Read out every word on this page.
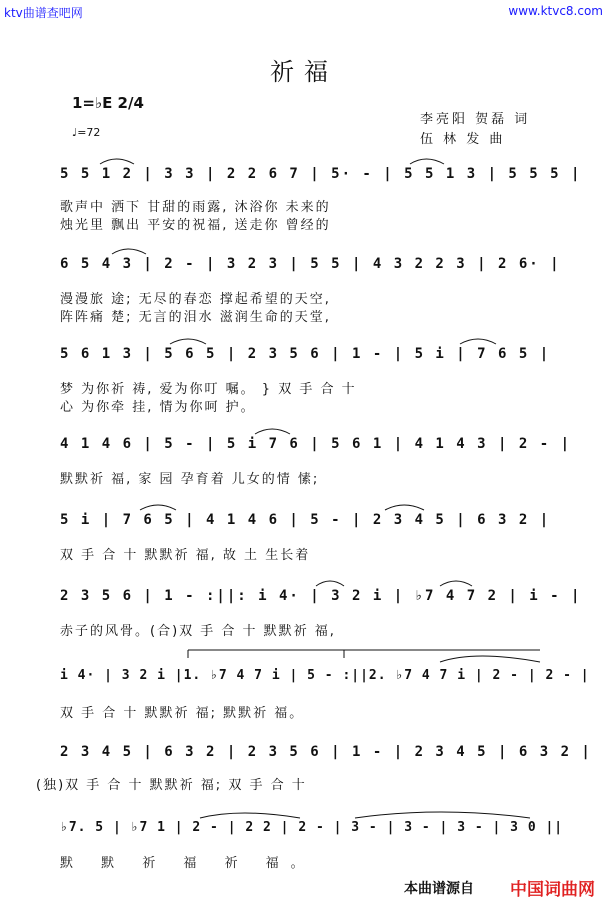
ktv曲谱查吧网	www.ktvc8.com
祈福
1=♭E 2/4
♩=72
李亮阳 贺磊 词
伍 林 发 曲
5 5 1 2 | 3 3 | 2 2 6 7 | 5· - | 5 5 1 3 | 5 5 5 |
歌声中 洒下 甘甜的雨露, 沐浴你 未来的
烛光里 飘出 平安的祝福, 送走你 曾经的
6 5 4 3 | 2 - | 3 2 3 | 5 5 | 4 3 2 2 3 | 2 6· |
漫漫旅 途; 无尽的春恋 撑起希望的天空,
阵阵痛 楚; 无言的泪水 滋润生命的天堂,
5 6 1 3 | 5 6 5 | 2 3 5 6 | 1 - | 5 i | 7 6 5 |
梦 为你祈 祷, 爱为你叮 嘱。 } 双 手 合 十
心 为你牵 挂, 情为你呵 护。
4 1 4 6 | 5 - | 5 i 7 6 | 5 6 1 | 4 1 4 3 | 2 - |
默默祈 福, 家 园 孕育着 儿女的情 愫;
5 i | 7 6 5 | 4 1 4 6 | 5 - | 2 3 4 5 | 6 3 2 |
双 手 合 十 默默祈 福, 故 土 生长着
2 3 5 6 | 1 - :||: i 4· | 3 2 i | ♭7 4 7 2 | i - |
赤子的风骨。(合)双 手 合 十 默默祈 福,
i 4· | 3 2 i |1. ♭7 4 7 i | 5 - :||2. ♭7 4 7 i | 2 - | 2 - |
双 手 合 十 默默祈 福; 默默祈 福。
2 3 4 5 | 6 3 2 | 2 3 5 6 | 1 - | 2 3 4 5 | 6 3 2 |
(独)双 手 合 十 默默祈 福; 双 手 合 十
♭7. 5 | ♭7 1 | 2 - | 2 2 | 2 - | 3 - | 3 - | 3 - | 3 0 ||
默 默 祈 福 祈 福。
本曲谱源自 中国词曲网
